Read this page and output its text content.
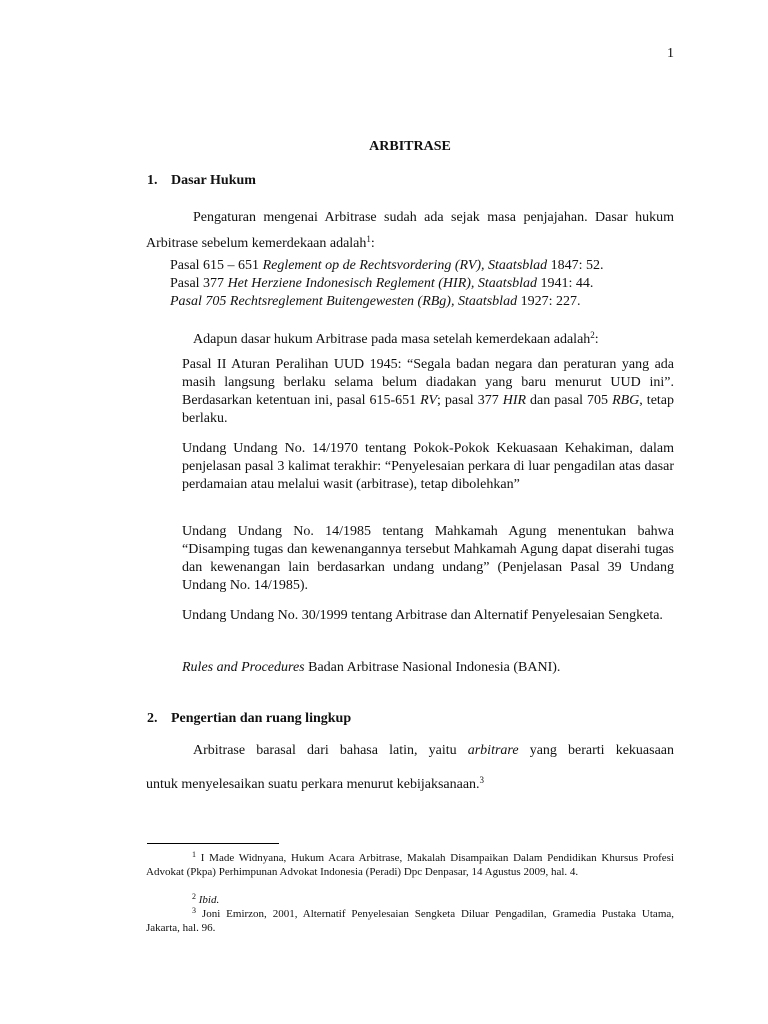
1
ARBITRASE
1. Dasar Hukum
Pengaturan mengenai Arbitrase sudah ada sejak masa penjajahan. Dasar hukum Arbitrase sebelum kemerdekaan adalah$^1$:
Pasal 615 – 651 Reglement op de Rechtsvordering (RV), Staatsblad 1847: 52.
Pasal 377 Het Herziene Indonesisch Reglement (HIR), Staatsblad 1941: 44.
Pasal 705 Rechtsreglement Buitengewesten (RBg), Staatsblad 1927: 227.
Adapun dasar hukum Arbitrase pada masa setelah kemerdekaan adalah$^2$:
Pasal II Aturan Peralihan UUD 1945: “Segala badan negara dan peraturan yang ada masih langsung berlaku selama belum diadakan yang baru menurut UUD ini”. Berdasarkan ketentuan ini, pasal 615-651 RV; pasal 377 HIR dan pasal 705 RBG, tetap berlaku.
Undang Undang No. 14/1970 tentang Pokok-Pokok Kekuasaan Kehakiman, dalam penjelasan pasal 3 kalimat terakhir: “Penyelesaian perkara di luar pengadilan atas dasar perdamaian atau melalui wasit (arbitrase), tetap dibolehkan”
Undang Undang No. 14/1985 tentang Mahkamah Agung menentukan bahwa “Disamping tugas dan kewenangannya tersebut Mahkamah Agung dapat diserahi tugas dan kewenangan lain berdasarkan undang undang” (Penjelasan Pasal 39 Undang Undang No. 14/1985).
Undang Undang No. 30/1999 tentang Arbitrase dan Alternatif Penyelesaian Sengketa.
Rules and Procedures Badan Arbitrase Nasional Indonesia (BANI).
2. Pengertian dan ruang lingkup
Arbitrase barasal dari bahasa latin, yaitu arbitrare yang berarti kekuasaan
untuk menyelesaikan suatu perkara menurut kebijaksanaan.$^3$
$^1$ I Made Widnyana, Hukum Acara Arbitrase, Makalah Disampaikan Dalam Pendidikan Khursus Profesi Advokat (Pkpa) Perhimpunan Advokat Indonesia (Peradi) Dpc Denpasar, 14 Agustus 2009, hal. 4.
$^2$ Ibid.
$^3$ Joni Emirzon, 2001, Alternatif Penyelesaian Sengketa Diluar Pengadilan, Gramedia Pustaka Utama, Jakarta, hal. 96.
